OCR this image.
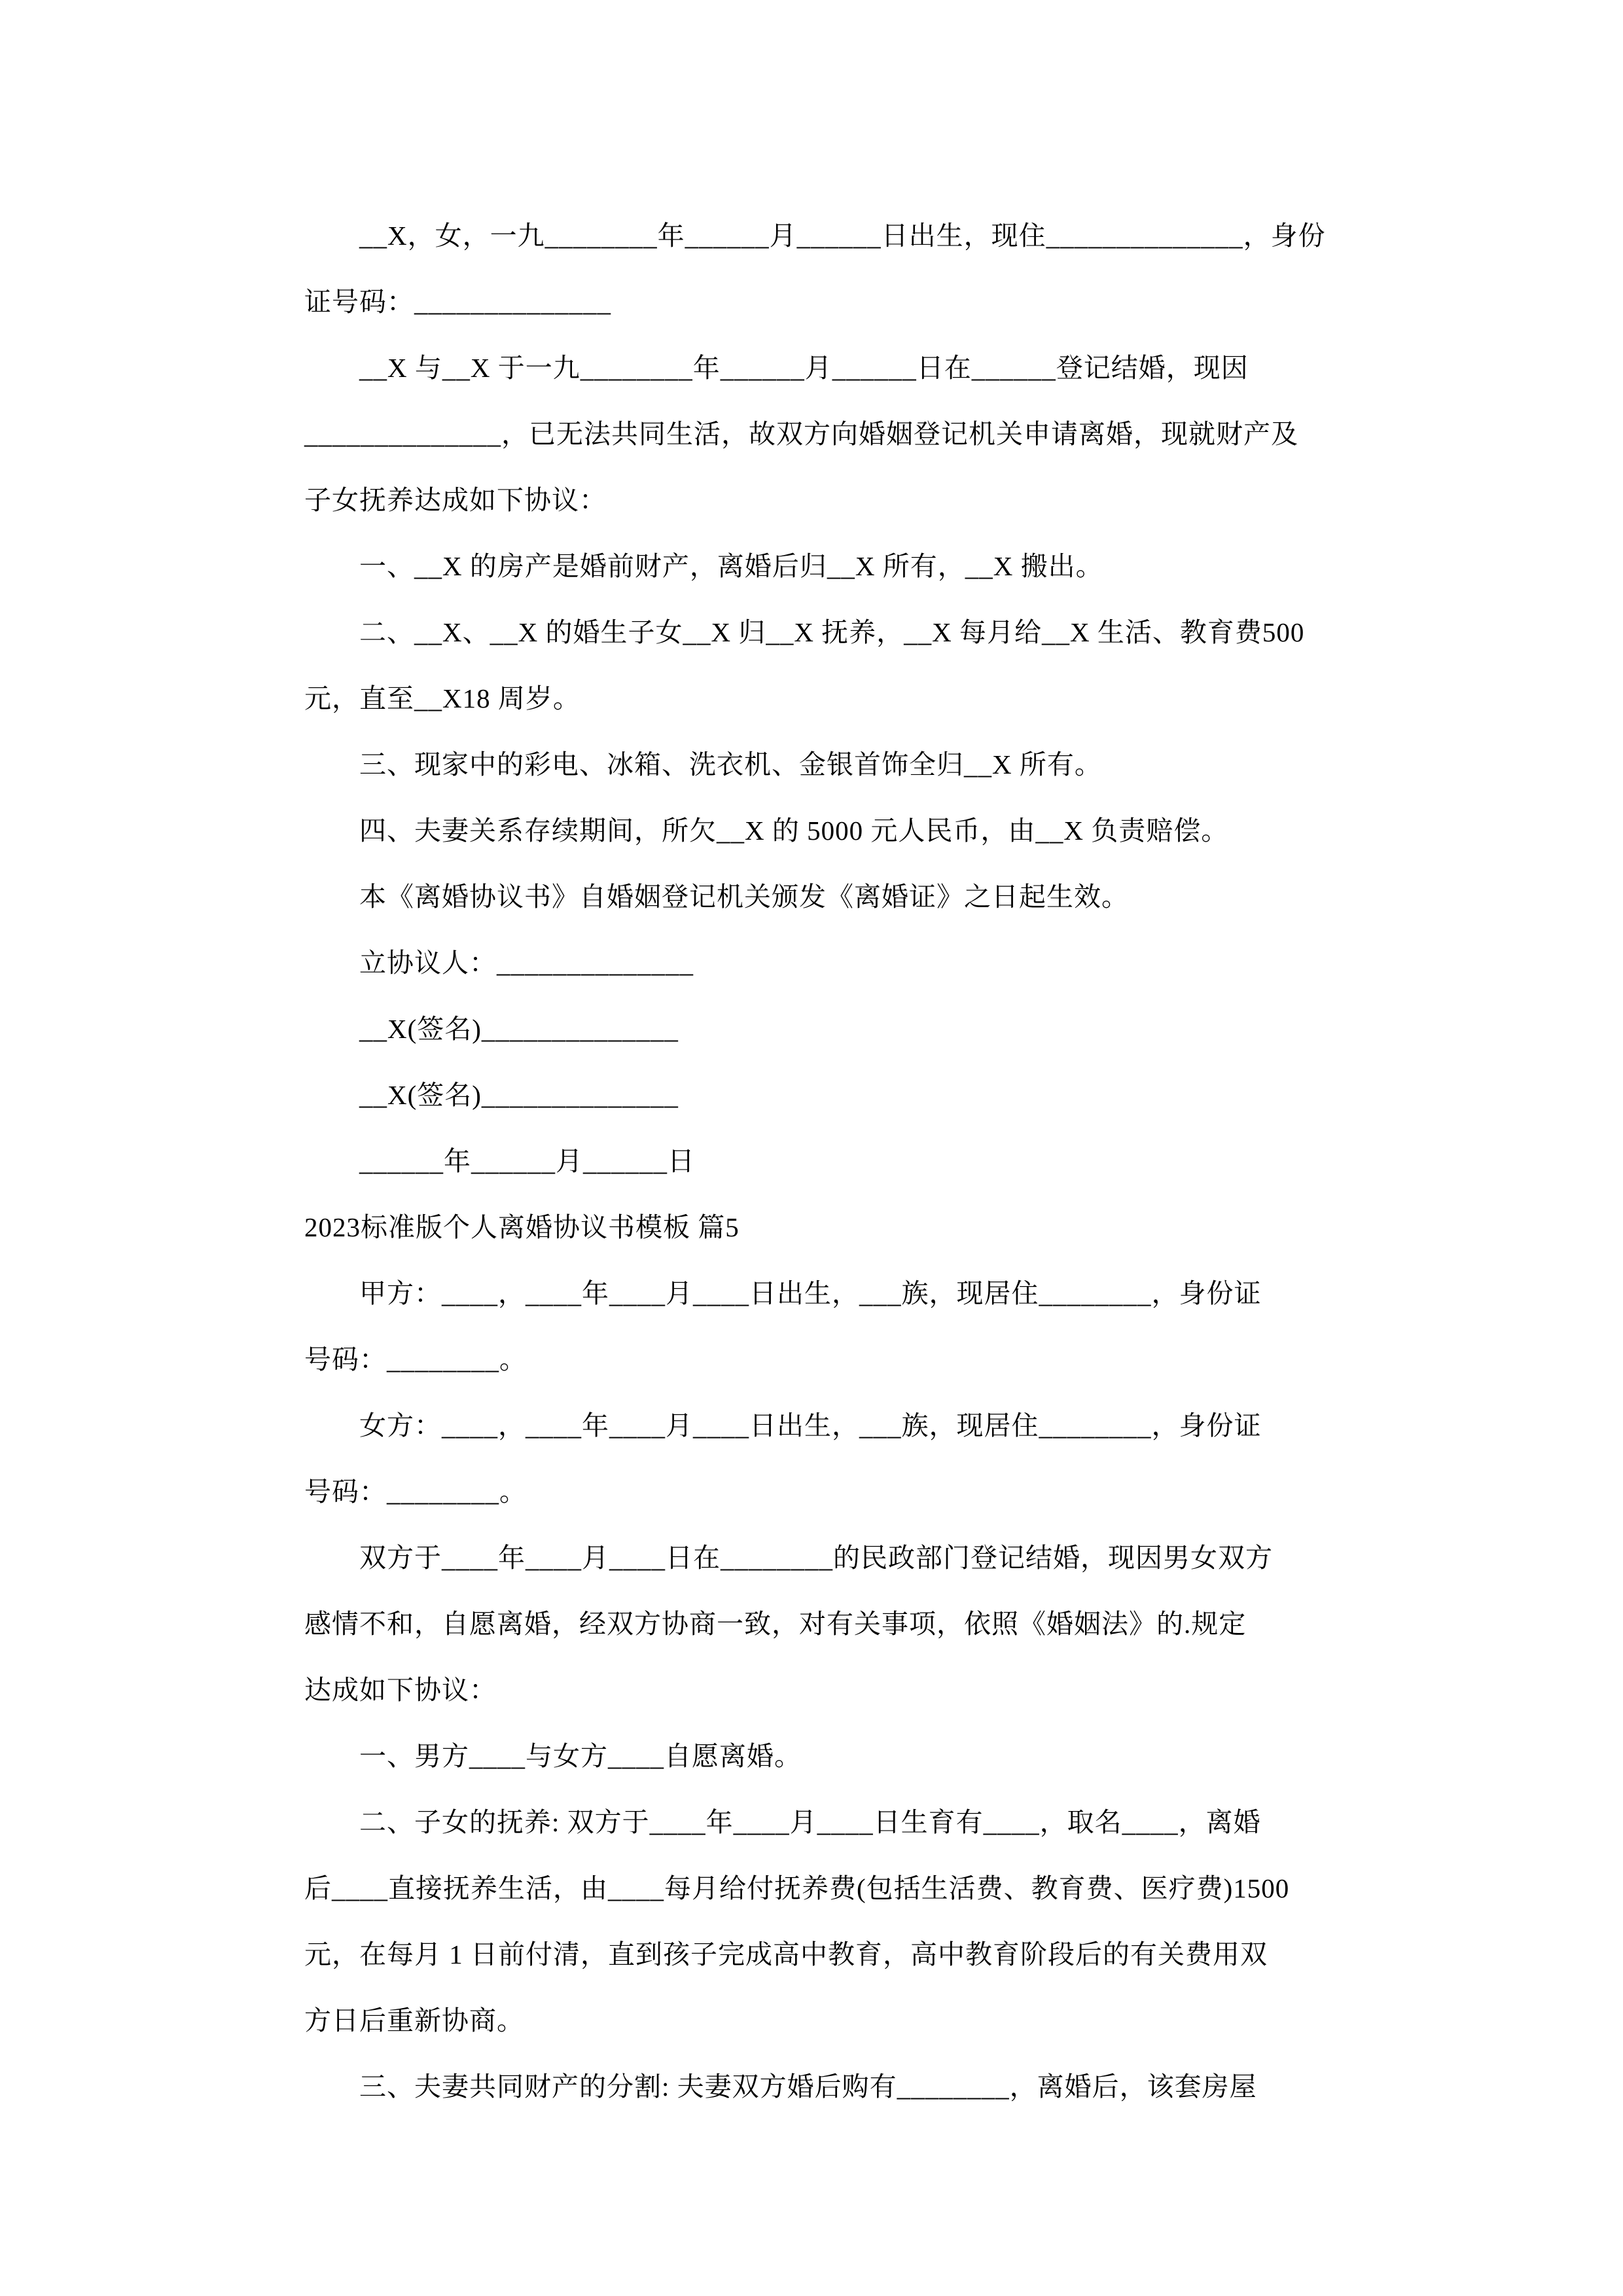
　　__X，女，一九________年______月______日出生，现住______________，身份
证号码：______________
　　__X 与__X 于一九________年______月______日在______登记结婚，现因
______________，已无法共同生活，故双方向婚姻登记机关申请离婚，现就财产及
子女抚养达成如下协议：
　　一、__X 的房产是婚前财产，离婚后归__X 所有，__X 搬出。
　　二、__X、__X 的婚生子女__X 归__X 抚养，__X 每月给__X 生活、教育费500
元，直至__X18 周岁。
　　三、现家中的彩电、冰箱、洗衣机、金银首饰全归__X 所有。
　　四、夫妻关系存续期间，所欠__X 的 5000 元人民币，由__X 负责赔偿。
　　本《离婚协议书》自婚姻登记机关颁发《离婚证》之日起生效。
　　立协议人：______________
　　__X(签名)______________
　　__X(签名)______________
　　______年______月______日
2023标准版个人离婚协议书模板 篇5
　　甲方：____，____年____月____日出生，___族，现居住________，身份证
号码：________。
　　女方：____，____年____月____日出生，___族，现居住________，身份证
号码：________。
　　双方于____年____月____日在________的民政部门登记结婚，现因男女双方
感情不和，自愿离婚，经双方协商一致，对有关事项，依照《婚姻法》的.规定
达成如下协议：
　　一、男方____与女方____自愿离婚。
　　二、子女的抚养: 双方于____年____月____日生育有____，取名____，离婚
后____直接抚养生活，由____每月给付抚养费(包括生活费、教育费、医疗费)1500
元，在每月 1 日前付清，直到孩子完成高中教育，高中教育阶段后的有关费用双
方日后重新协商。
　　三、夫妻共同财产的分割: 夫妻双方婚后购有________，离婚后，该套房屋
